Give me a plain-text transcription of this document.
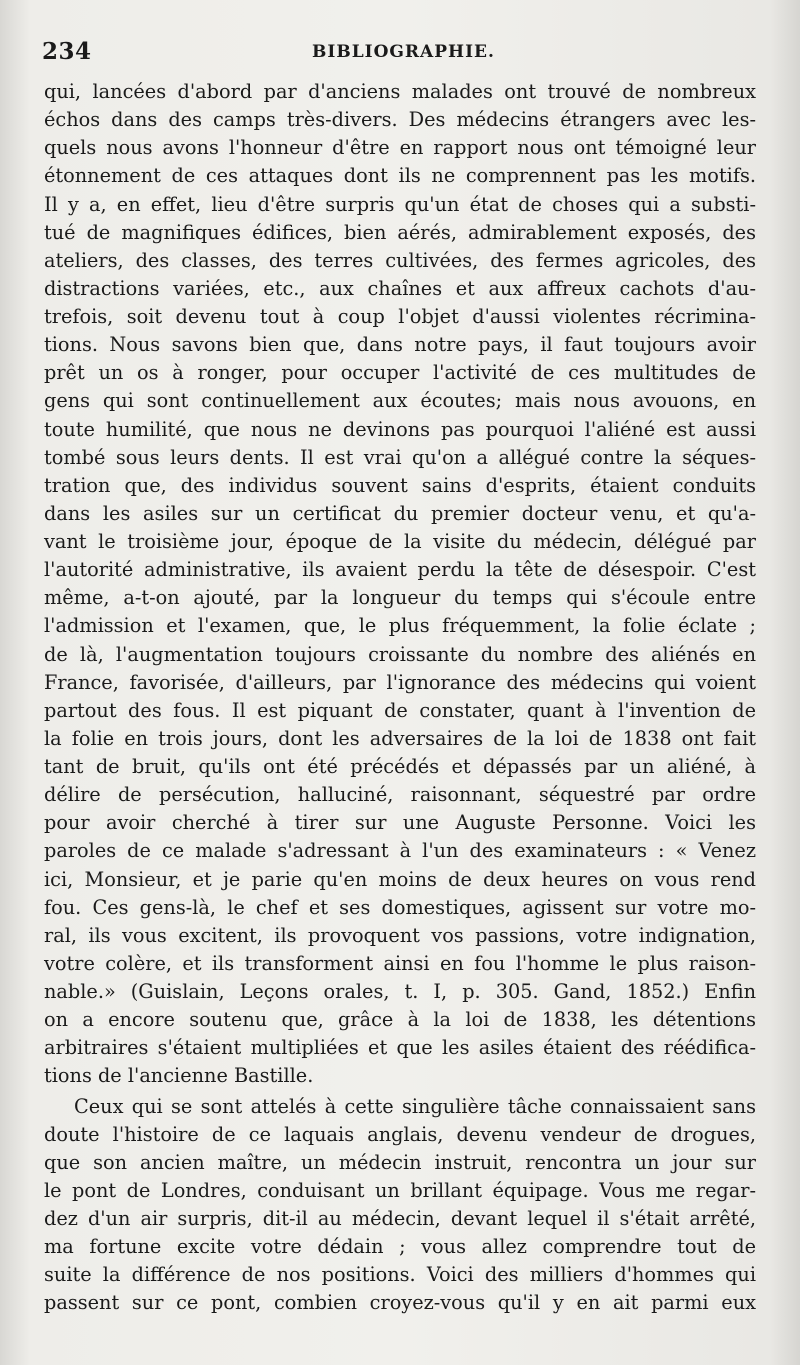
234	BIBLIOGRAPHIE.
qui, lancées d'abord par d'anciens malades ont trouvé de nombreux
échos dans des camps très-divers. Des médecins étrangers avec les-
quels nous avons l'honneur d'être en rapport nous ont témoigné leur
étonnement de ces attaques dont ils ne comprennent pas les motifs.
Il y a, en effet, lieu d'être surpris qu'un état de choses qui a substi-
tué de magnifiques édifices, bien aérés, admirablement exposés, des
ateliers, des classes, des terres cultivées, des fermes agricoles, des
distractions variées, etc., aux chaînes et aux affreux cachots d'au-
trefois, soit devenu tout à coup l'objet d'aussi violentes récrimina-
tions. Nous savons bien que, dans notre pays, il faut toujours avoir
prêt un os à ronger, pour occuper l'activité de ces multitudes de
gens qui sont continuellement aux écoutes; mais nous avouons, en
toute humilité, que nous ne devinons pas pourquoi l'aliéné est aussi
tombé sous leurs dents. Il est vrai qu'on a allégué contre la séques-
tration que, des individus souvent sains d'esprits, étaient conduits
dans les asiles sur un certificat du premier docteur venu, et qu'a-
vant le troisième jour, époque de la visite du médecin, délégué par
l'autorité administrative, ils avaient perdu la tête de désespoir. C'est
même, a-t-on ajouté, par la longueur du temps qui s'écoule entre
l'admission et l'examen, que, le plus fréquemment, la folie éclate ;
de là, l'augmentation toujours croissante du nombre des aliénés en
France, favorisée, d'ailleurs, par l'ignorance des médecins qui voient
partout des fous. Il est piquant de constater, quant à l'invention de
la folie en trois jours, dont les adversaires de la loi de 1838 ont fait
tant de bruit, qu'ils ont été précédés et dépassés par un aliéné, à
délire de persécution, halluciné, raisonnant, séquestré par ordre
pour avoir cherché à tirer sur une Auguste Personne. Voici les
paroles de ce malade s'adressant à l'un des examinateurs : « Venez
ici, Monsieur, et je parie qu'en moins de deux heures on vous rend
fou. Ces gens-là, le chef et ses domestiques, agissent sur votre mo-
ral, ils vous excitent, ils provoquent vos passions, votre indignation,
votre colère, et ils transforment ainsi en fou l'homme le plus raison-
nable.» (Guislain, Leçons orales, t. I, p. 305. Gand, 1852.) Enfin
on a encore soutenu que, grâce à la loi de 1838, les détentions
arbitraires s'étaient multipliées et que les asiles étaient des réédifica-
tions de l'ancienne Bastille.
Ceux qui se sont attelés à cette singulière tâche connaissaient sans
doute l'histoire de ce laquais anglais, devenu vendeur de drogues,
que son ancien maître, un médecin instruit, rencontra un jour sur
le pont de Londres, conduisant un brillant équipage. Vous me regar-
dez d'un air surpris, dit-il au médecin, devant lequel il s'était arrêté,
ma fortune excite votre dédain ; vous allez comprendre tout de
suite la différence de nos positions. Voici des milliers d'hommes qui
passent sur ce pont, combien croyez-vous qu'il y en ait parmi eux
